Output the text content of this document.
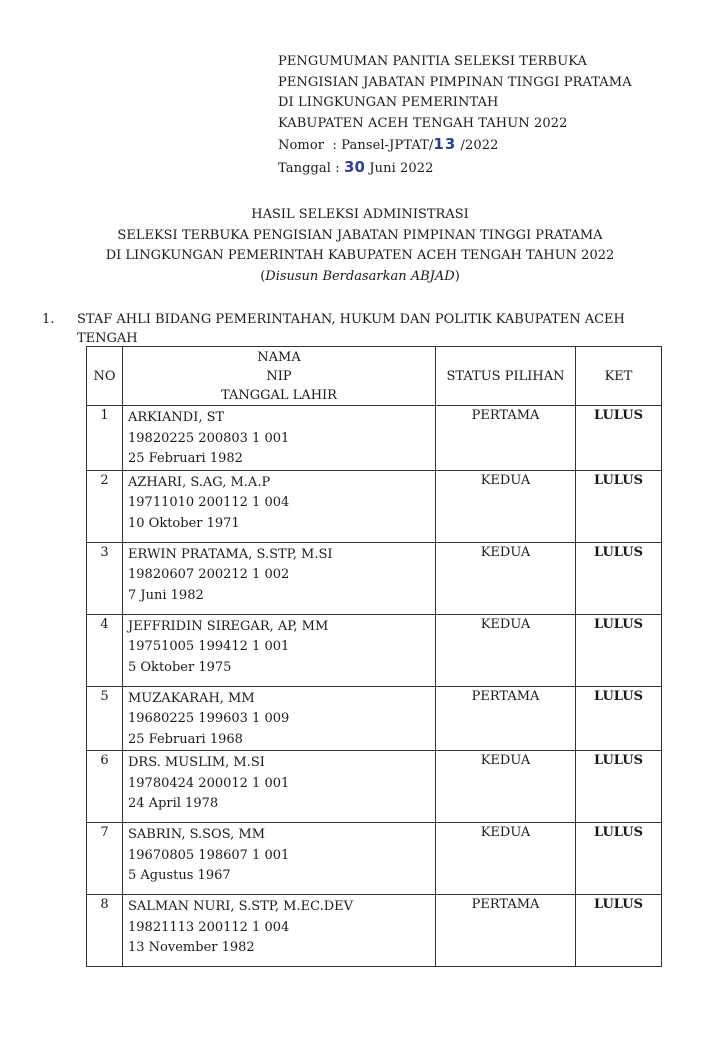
PENGUMUMAN PANITIA SELEKSI TERBUKA
PENGISIAN JABATAN PIMPINAN TINGGI PRATAMA
DI LINGKUNGAN PEMERINTAH
KABUPATEN ACEH TENGAH TAHUN 2022
Nomor : Pansel-JPTAT/13 /2022
Tanggal : 30 Juni 2022
HASIL SELEKSI ADMINISTRASI
SELEKSI TERBUKA PENGISIAN JABATAN PIMPINAN TINGGI PRATAMA
DI LINGKUNGAN PEMERINTAH KABUPATEN ACEH TENGAH TAHUN 2022
(Disusun Berdasarkan ABJAD)
1. STAF AHLI BIDANG PEMERINTAHAN, HUKUM DAN POLITIK KABUPATEN ACEH TENGAH
NO	NAMA
NIP
TANGGAL LAHIR	STATUS PILIHAN	KET
1	ARKIANDI, ST
19820225 200803 1 001
25 Februari 1982	PERTAMA	LULUS
2	AZHARI, S.AG, M.A.P
19711010 200112 1 004
10 Oktober 1971	KEDUA	LULUS
3	ERWIN PRATAMA, S.STP, M.SI
19820607 200212 1 002
7 Juni 1982	KEDUA	LULUS
4	JEFFRIDIN SIREGAR, AP, MM
19751005 199412 1 001
5 Oktober 1975	KEDUA	LULUS
5	MUZAKARAH, MM
19680225 199603 1 009
25 Februari 1968	PERTAMA	LULUS
6	DRS. MUSLIM, M.SI
19780424 200012 1 001
24 April 1978	KEDUA	LULUS
7	SABRIN, S.SOS, MM
19670805 198607 1 001
5 Agustus 1967	KEDUA	LULUS
8	SALMAN NURI, S.STP, M.EC.DEV
19821113 200112 1 004
13 November 1982	PERTAMA	LULUS
